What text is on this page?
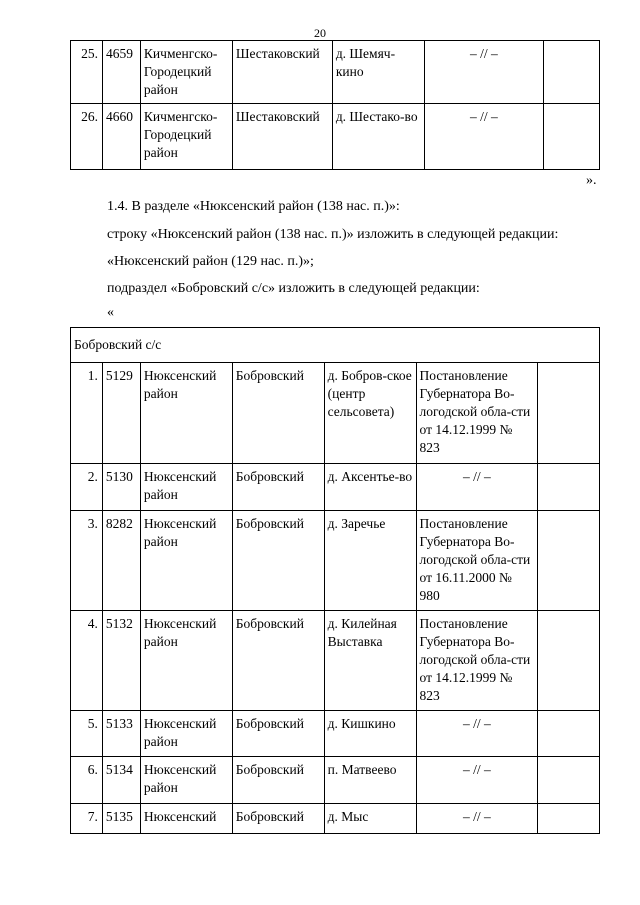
20
25.	4659	Кичменгско-Городецкий район	Шестаковский	д. Шемяч-кино	– // –	
26.	4660	Кичменгско-Городецкий район	Шестаковский	д. Шестако-во	– // –	
».
1.4. В разделе «Нюксенский район (138 нас. п.)»:
строку «Нюксенский район (138 нас. п.)» изложить в следующей редакции:
«Нюксенский район (129 нас. п.)»;
подраздел «Бобровский с/с» изложить в следующей редакции:
«
Бобровский с/с						
1.	5129	Нюксенский район	Бобровский	д. Бобров-ское (центр сельсовета)	Постановление Губернатора Во-логодской обла-сти от 14.12.1999 № 823	
2.	5130	Нюксенский район	Бобровский	д. Аксентье-во	– // –	
3.	8282	Нюксенский район	Бобровский	д. Заречье	Постановление Губернатора Во-логодской обла-сти от 16.11.2000 № 980	
4.	5132	Нюксенский район	Бобровский	д. Килейная Выставка	Постановление Губернатора Во-логодской обла-сти от 14.12.1999 № 823	
5.	5133	Нюксенский район	Бобровский	д. Кишкино	– // –	
6.	5134	Нюксенский район	Бобровский	п. Матвеево	– // –	
7.	5135	Нюксенский	Бобровский	д. Мыс	– // –	
